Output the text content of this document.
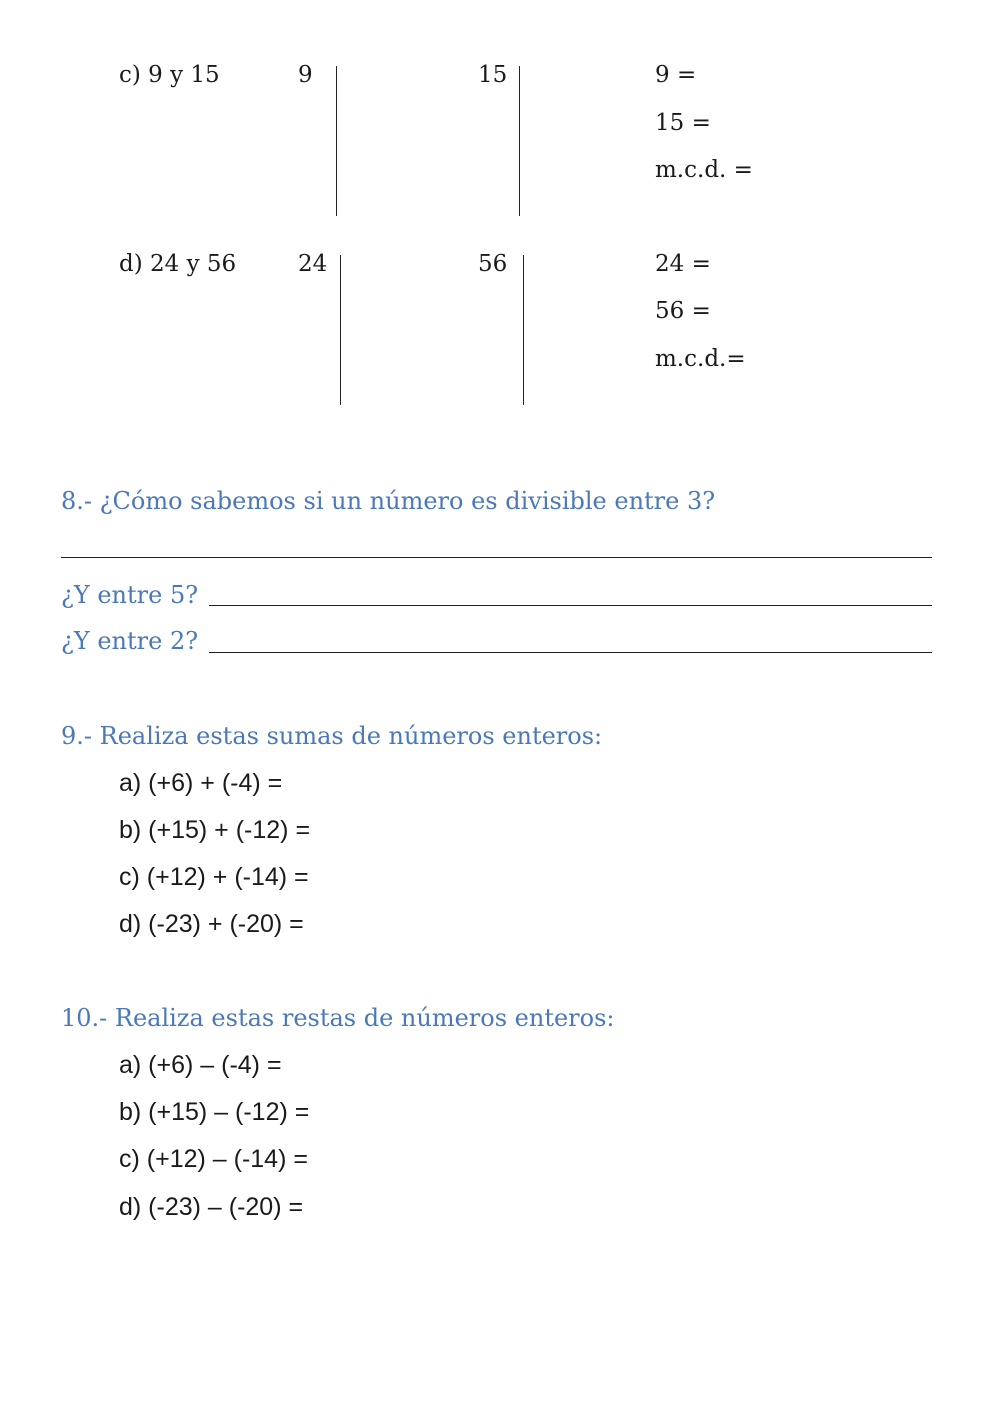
c) 9 y 15	9	15	9 =
15 =
m.c.d. =
d) 24 y 56	24	56	24 =
56 =
m.c.d.=
8.- ¿Cómo sabemos si un número es divisible entre 3?
¿Y entre 5?
¿Y entre 2?
9.- Realiza estas sumas de números enteros:
a) (+6) + (-4) =
b) (+15) + (-12) =
c) (+12) + (-14) =
d) (-23) + (-20) =
10.- Realiza estas restas de números enteros:
a) (+6) – (-4) =
b) (+15) – (-12) =
c) (+12) – (-14) =
d) (-23) – (-20) =
